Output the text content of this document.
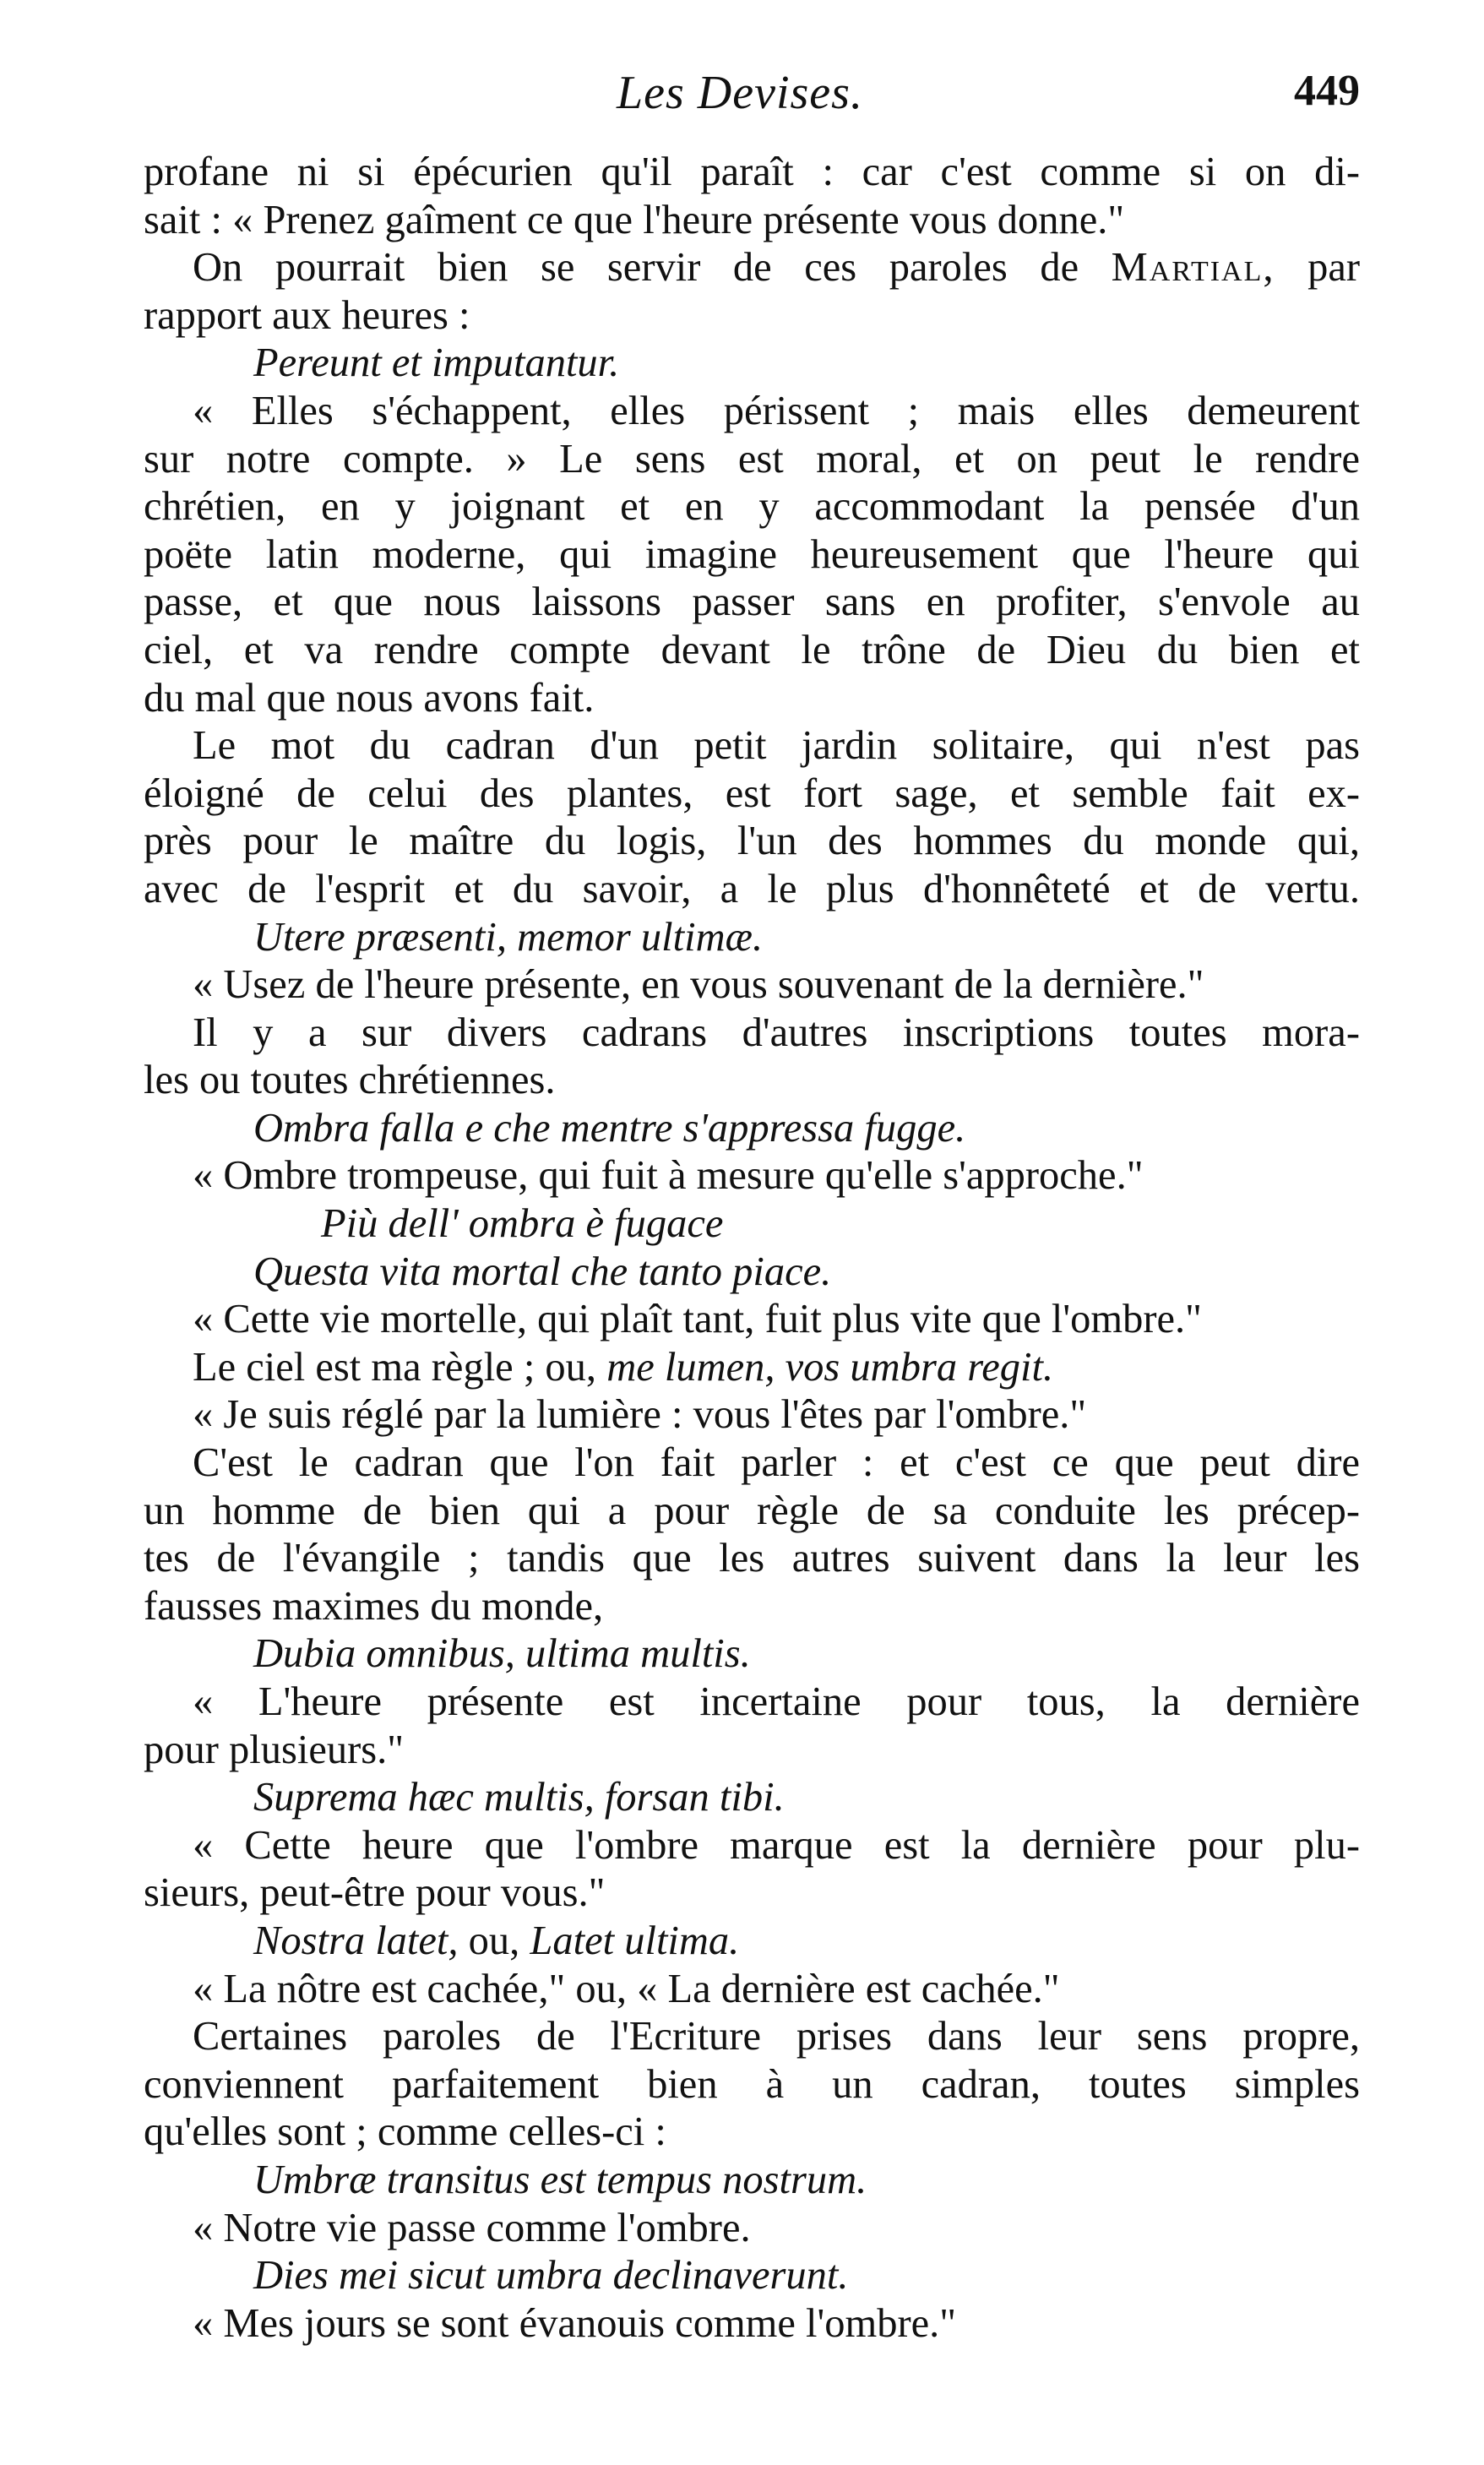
Les Devises.	449
profane ni si épécurien qu'il paraît : car c'est comme si on di-
sait : « Prenez gaîment ce que l'heure présente vous donne."
On pourrait bien se servir de ces paroles de Martial, par
rapport aux heures :
Pereunt et imputantur.
« Elles s'échappent, elles périssent ; mais elles demeurent
sur notre compte. » Le sens est moral, et on peut le rendre
chrétien, en y joignant et en y accommodant la pensée d'un
poëte latin moderne, qui imagine heureusement que l'heure qui
passe, et que nous laissons passer sans en profiter, s'envole au
ciel, et va rendre compte devant le trône de Dieu du bien et
du mal que nous avons fait.
Le mot du cadran d'un petit jardin solitaire, qui n'est pas
éloigné de celui des plantes, est fort sage, et semble fait ex-
près pour le maître du logis, l'un des hommes du monde qui,
avec de l'esprit et du savoir, a le plus d'honnêteté et de vertu.
Utere præsenti, memor ultimæ.
« Usez de l'heure présente, en vous souvenant de la dernière."
Il y a sur divers cadrans d'autres inscriptions toutes mora-
les ou toutes chrétiennes.
Ombra falla e che mentre s'appressa fugge.
« Ombre trompeuse, qui fuit à mesure qu'elle s'approche."
Più dell' ombra è fugace
Questa vita mortal che tanto piace.
« Cette vie mortelle, qui plaît tant, fuit plus vite que l'ombre."
Le ciel est ma règle ; ou, me lumen, vos umbra regit.
« Je suis réglé par la lumière : vous l'êtes par l'ombre."
C'est le cadran que l'on fait parler : et c'est ce que peut dire
un homme de bien qui a pour règle de sa conduite les précep-
tes de l'évangile ; tandis que les autres suivent dans la leur les
fausses maximes du monde,
Dubia omnibus, ultima multis.
« L'heure présente est incertaine pour tous, la dernière
pour plusieurs."
Suprema hæc multis, forsan tibi.
« Cette heure que l'ombre marque est la dernière pour plu-
sieurs, peut-être pour vous."
Nostra latet, ou, Latet ultima.
« La nôtre est cachée," ou, « La dernière est cachée."
Certaines paroles de l'Ecriture prises dans leur sens propre,
conviennent parfaitement bien à un cadran, toutes simples
qu'elles sont ; comme celles-ci :
Umbræ transitus est tempus nostrum.
« Notre vie passe comme l'ombre.
Dies mei sicut umbra declinaverunt.
« Mes jours se sont évanouis comme l'ombre."
